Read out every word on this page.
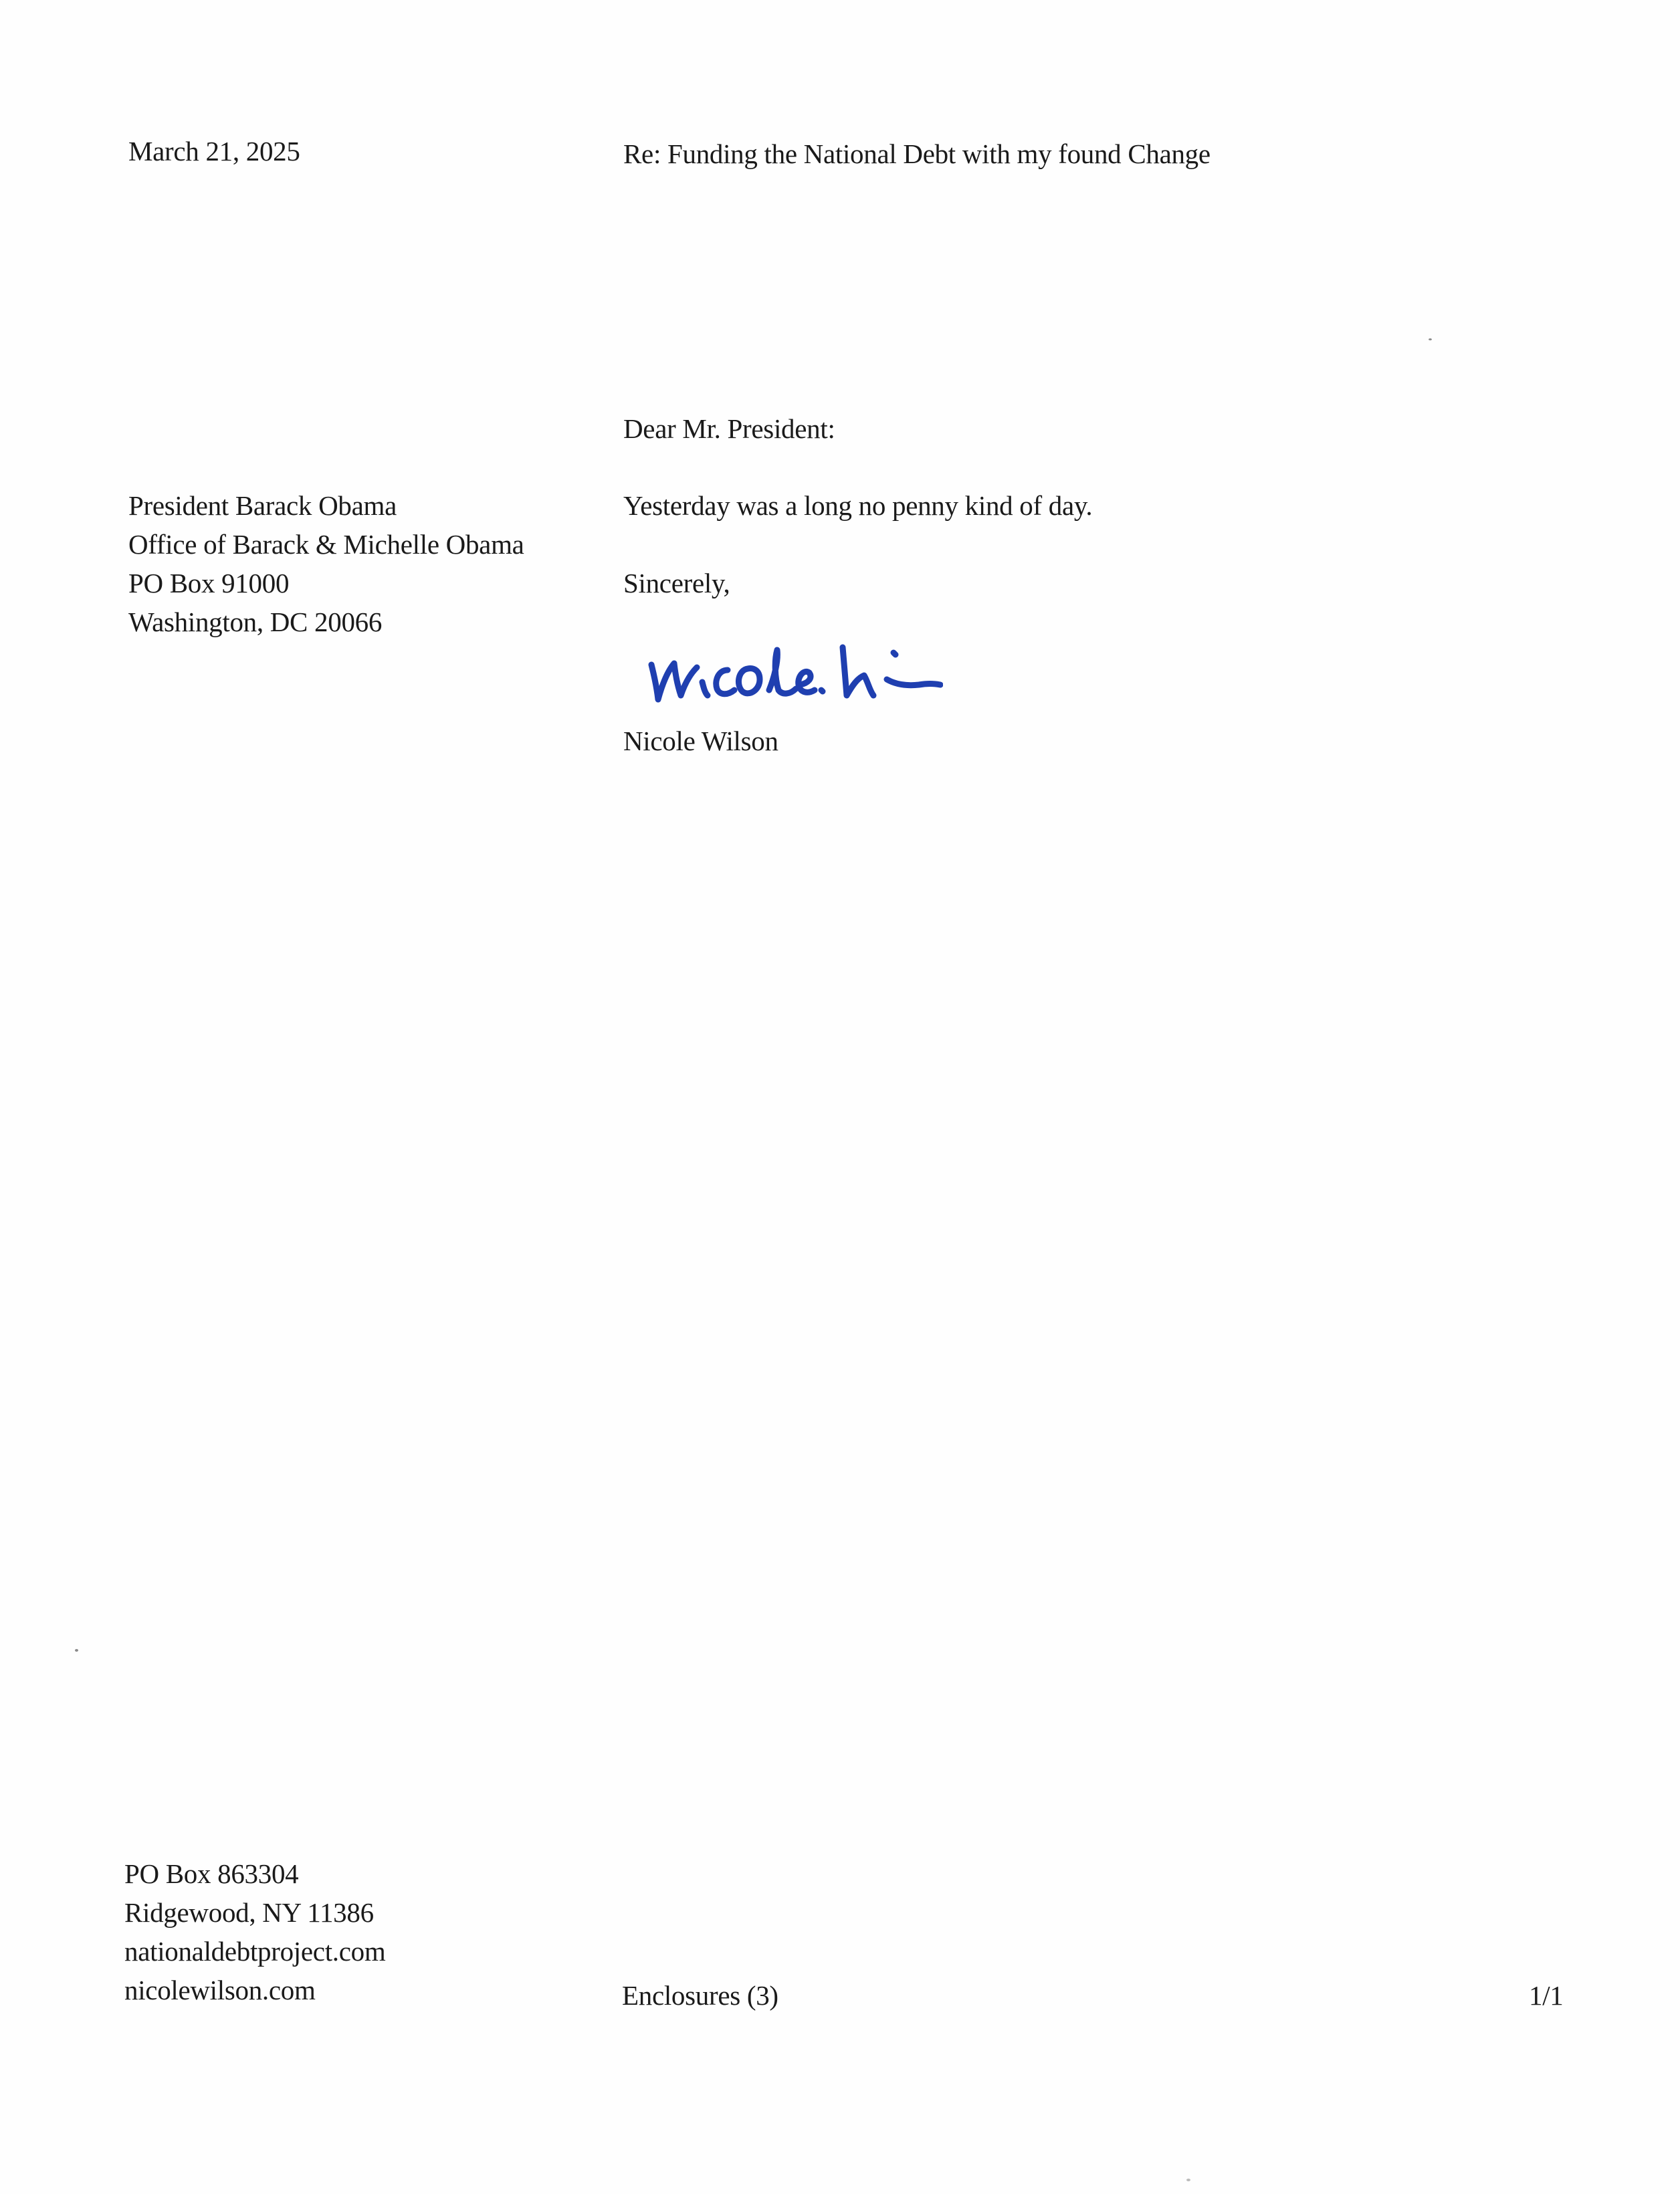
March 21, 2025	Re: Funding the National Debt with my found Change
Dear Mr. President:
President Barack Obama
Office of Barack & Michelle Obama
PO Box 91000
Washington, DC 20066
Yesterday was a long no penny kind of day.
Sincerely,
Nicole Wilson
PO Box 863304
Ridgewood, NY 11386
nationaldebtproject.com
nicolewilson.com	Enclosures (3)	1/1
